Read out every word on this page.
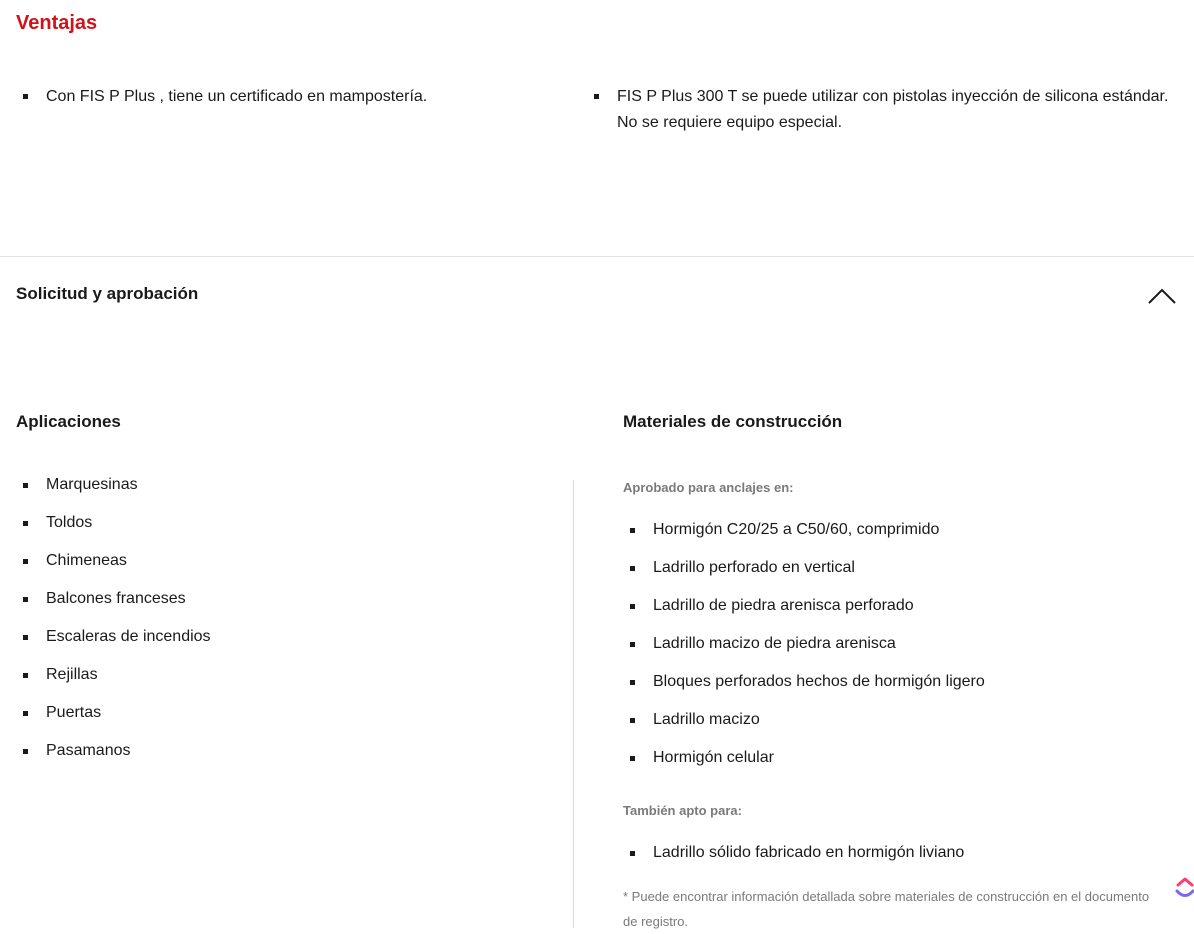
Ventajas
Con FIS P Plus , tiene un certificado en mampostería.	FIS P Plus 300 T se puede utilizar con pistolas inyección de silicona estándar. No se requiere equipo especial.
Solicitud y aprobación
Aplicaciones
Marquesinas
Toldos
Chimeneas
Balcones franceses
Escaleras de incendios
Rejillas
Puertas
Pasamanos
Materiales de construcción

Aprobado para anclajes en:

Hormigón C20/25 a C50/60, comprimido
Ladrillo perforado en vertical
Ladrillo de piedra arenisca perforado
Ladrillo macizo de piedra arenisca
Bloques perforados hechos de hormigón ligero
Ladrillo macizo
Hormigón celular

También apto para:

Ladrillo sólido fabricado en hormigón liviano

* Puede encontrar información detallada sobre materiales de construcción en el documento de registro.
